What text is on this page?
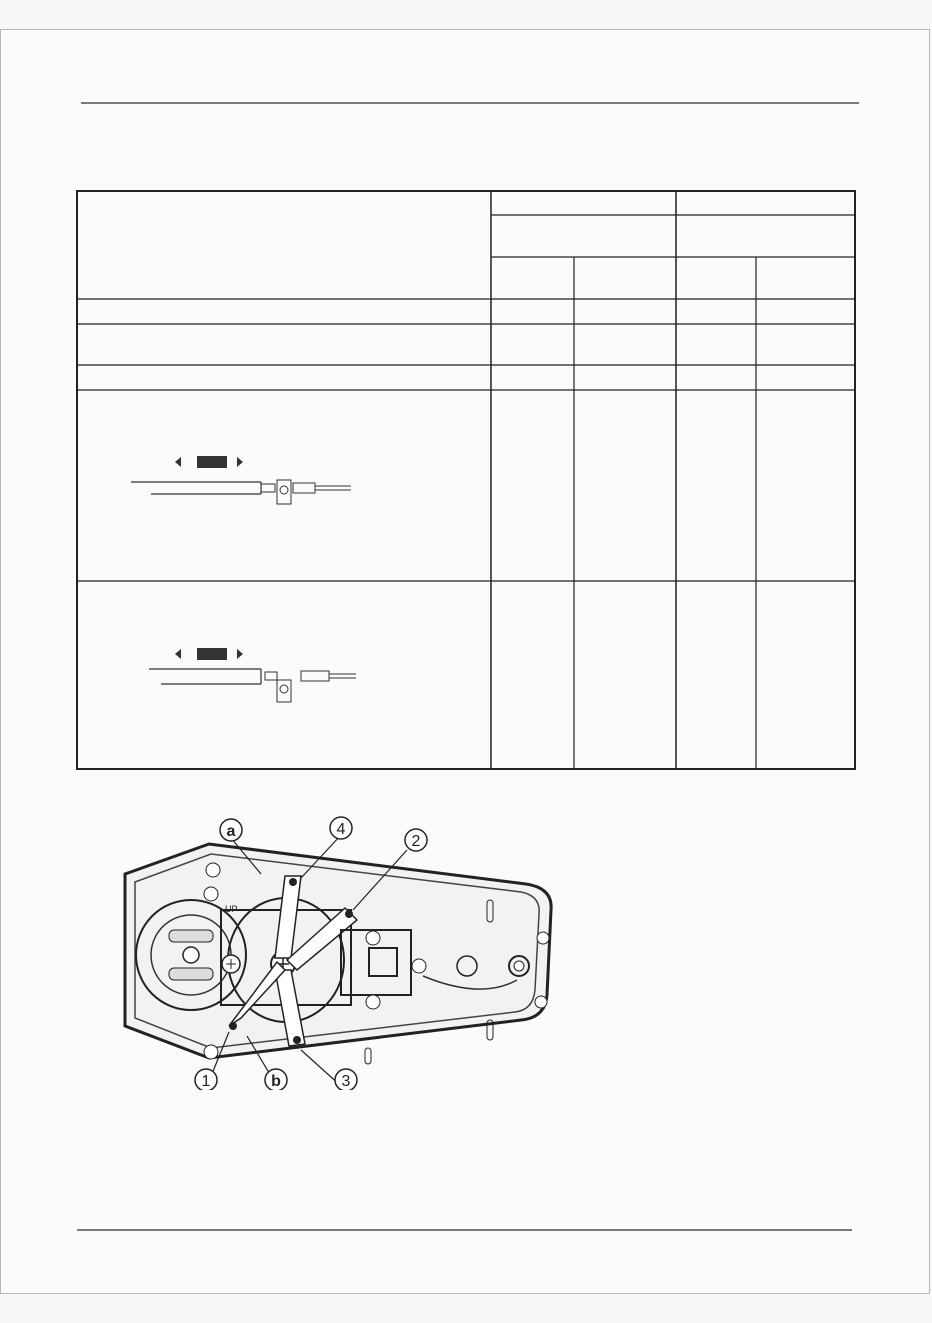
UP
a	4
2
1	b	3
